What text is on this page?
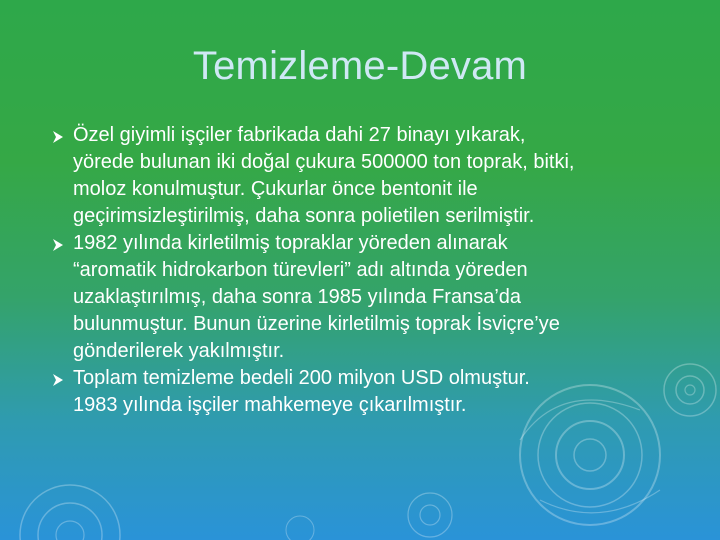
Temizleme-Devam
Özel giyimli işçiler fabrikada dahi 27 binayı yıkarak,
yörede bulunan iki doğal çukura 500000 ton toprak, bitki,
moloz konulmuştur. Çukurlar önce bentonit ile
geçirimsizleştirilmiş, daha sonra polietilen serilmiştir.
1982 yılında kirletilmiş topraklar yöreden alınarak
“aromatik hidrokarbon türevleri” adı altında yöreden
uzaklaştırılmış, daha sonra 1985 yılında Fransa’da
bulunmuştur. Bunun üzerine kirletilmiş toprak İsviçre’ye
gönderilerek yakılmıştır.
Toplam temizleme bedeli 200 milyon USD olmuştur.
1983 yılında işçiler mahkemeye çıkarılmıştır.
